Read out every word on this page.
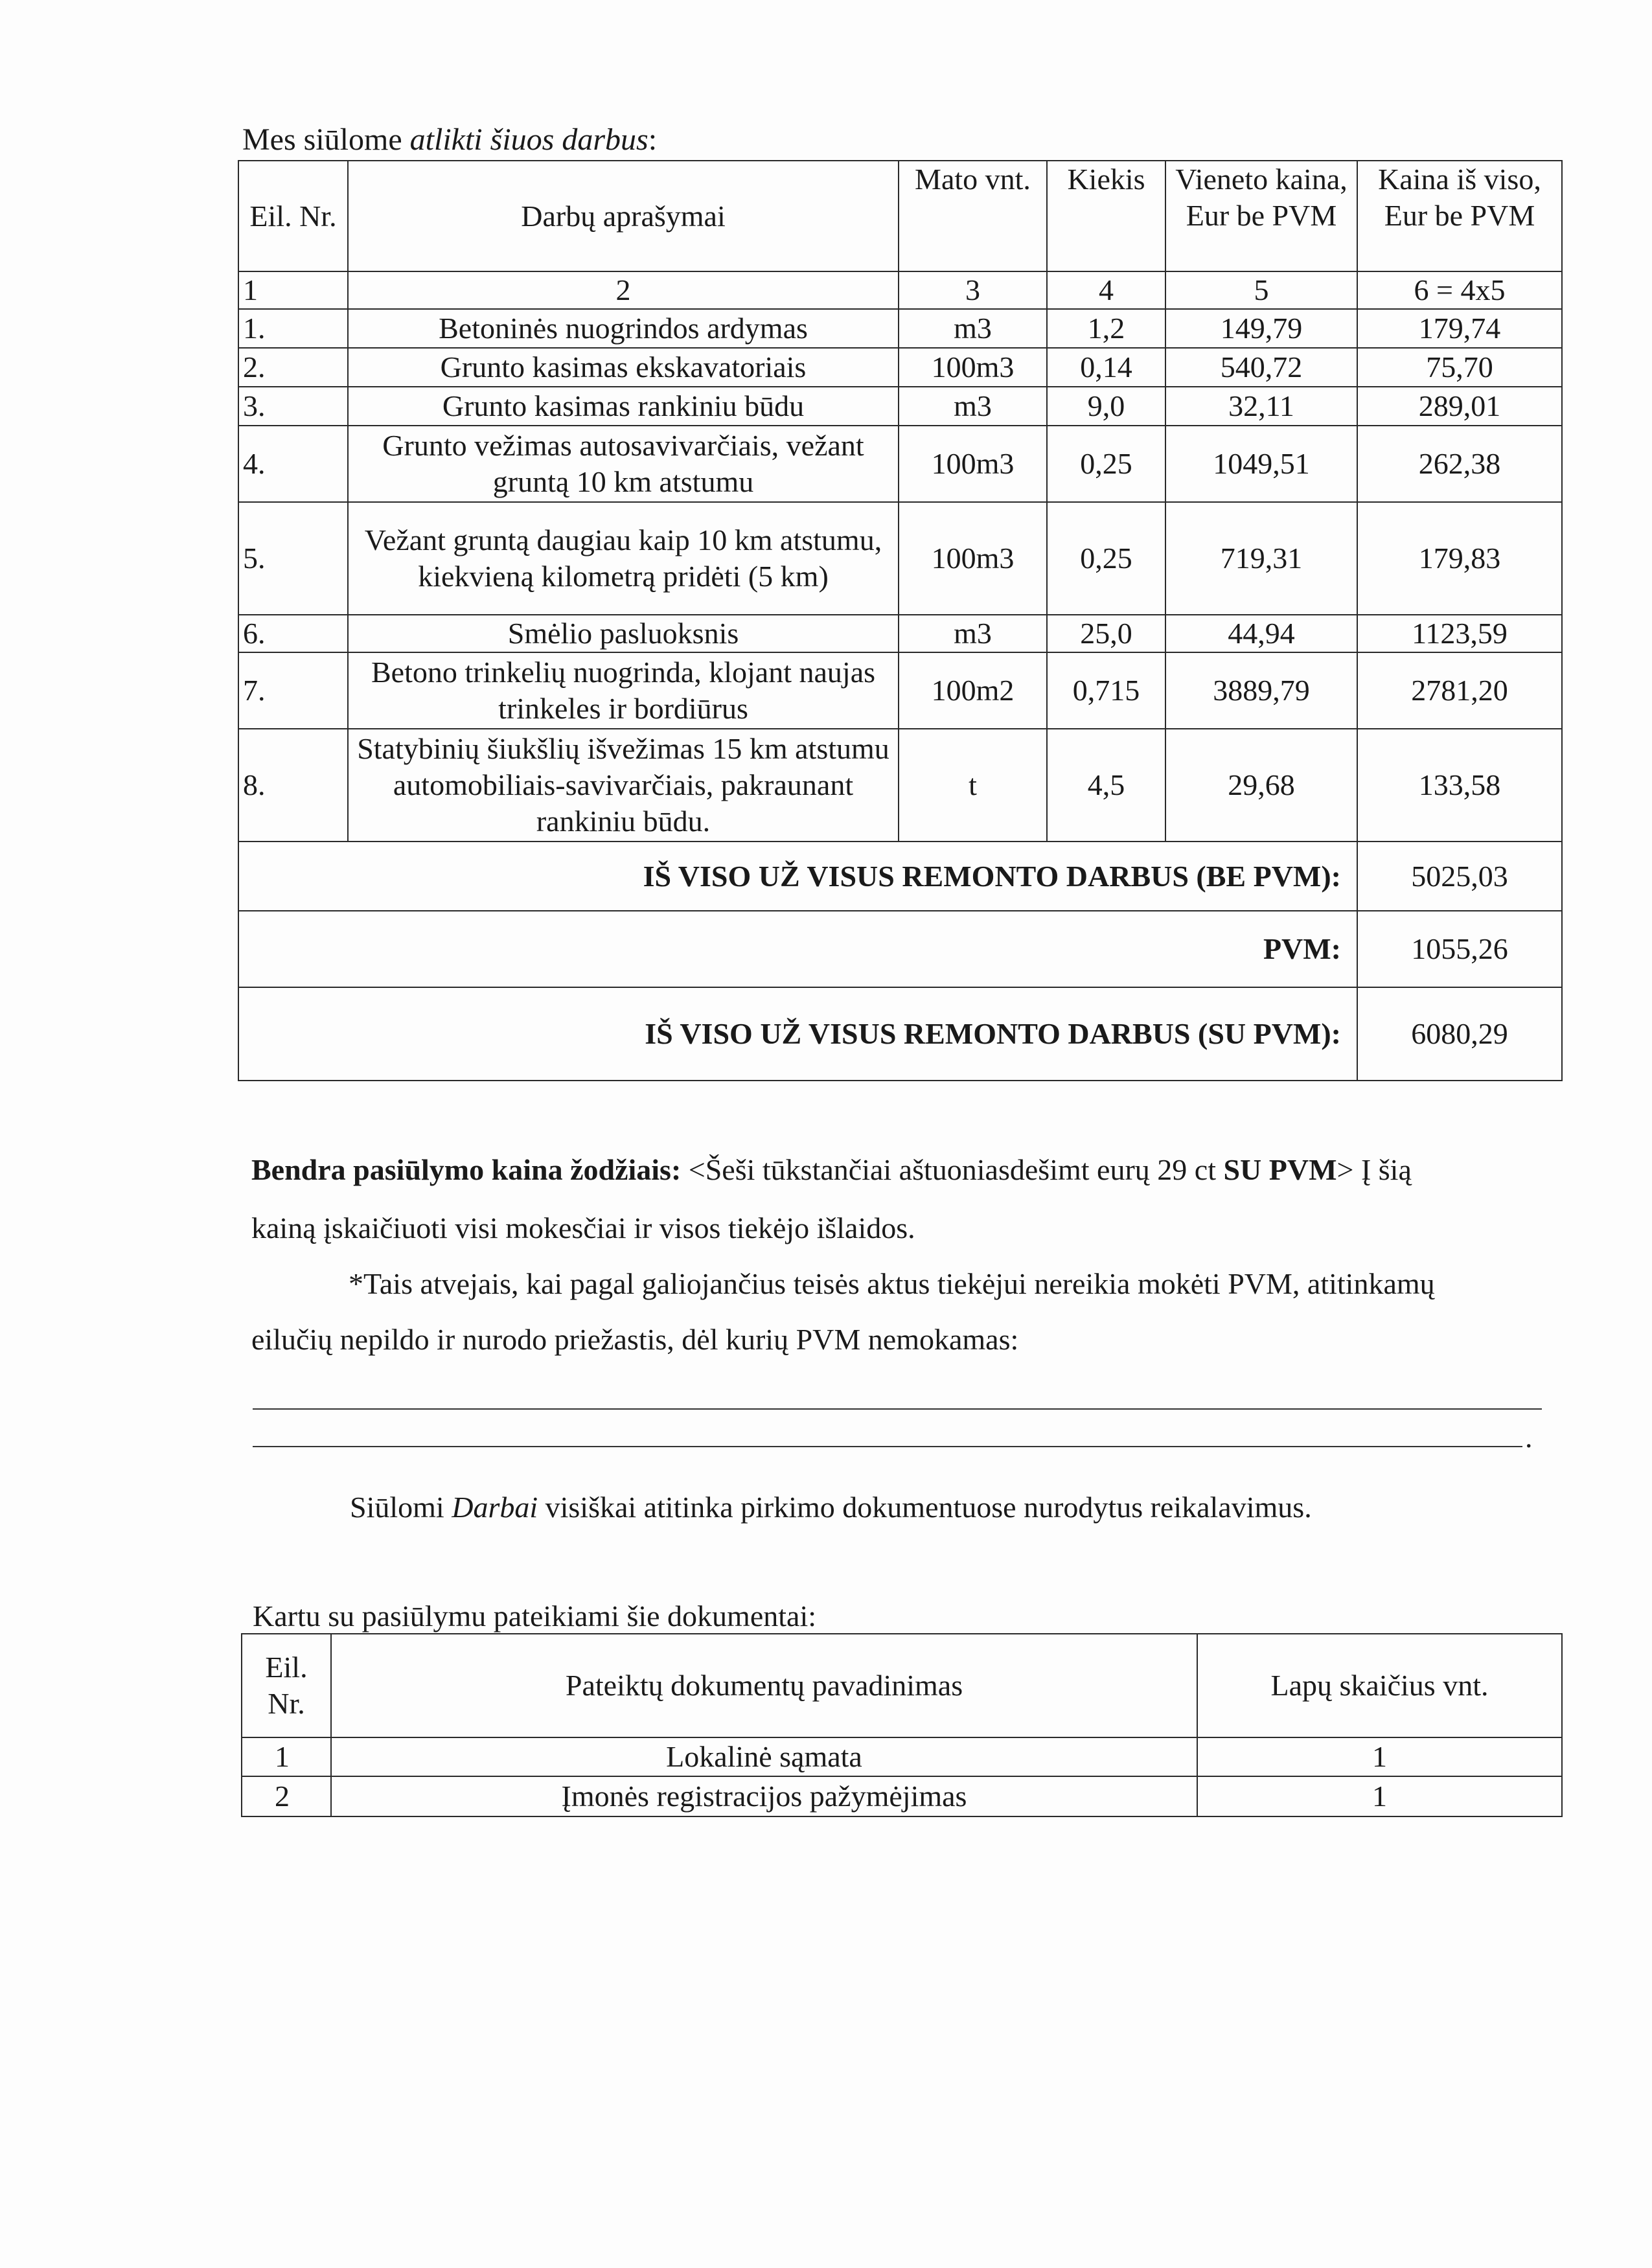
Mes siūlome atlikti šiuos darbus:
Eil. Nr.	Darbų aprašymai	Mato vnt.	Kiekis	Vieneto kaina, Eur be PVM	Kaina iš viso, Eur be PVM
1	2	3	4	5	6 = 4x5
1.	Betoninės nuogrindos ardymas	m3	1,2	149,79	179,74
2.	Grunto kasimas ekskavatoriais	100m3	0,14	540,72	75,70
3.	Grunto kasimas rankiniu būdu	m3	9,0	32,11	289,01
4.	Grunto vežimas autosavivarčiais, vežant gruntą 10 km atstumu	100m3	0,25	1049,51	262,38
5.	Vežant gruntą daugiau kaip 10 km atstumu, kiekvieną kilometrą pridėti (5 km)	100m3	0,25	719,31	179,83
6.	Smėlio pasluoksnis	m3	25,0	44,94	1123,59
7.	Betono trinkelių nuogrinda, klojant naujas trinkeles ir bordiūrus	100m2	0,715	3889,79	2781,20
8.	Statybinių šiukšlių išvežimas 15 km atstumu automobiliais-savivarčiais, pakraunant rankiniu būdu.	t	4,5	29,68	133,58
IŠ VISO UŽ VISUS REMONTO DARBUS (BE PVM):					5025,03
PVM:					1055,26
IŠ VISO UŽ VISUS REMONTO DARBUS (SU PVM):					6080,29
Bendra pasiūlymo kaina žodžiais: <Šeši tūkstančiai aštuoniasdešimt eurų 29 ct SU PVM> Į šią
kainą įskaičiuoti visi mokesčiai ir visos tiekėjo išlaidos.
*Tais atvejais, kai pagal galiojančius teisės aktus tiekėjui nereikia mokėti PVM, atitinkamų
eilučių nepildo ir nurodo priežastis, dėl kurių PVM nemokamas:
.
Siūlomi Darbai visiškai atitinka pirkimo dokumentuose nurodytus reikalavimus.
Kartu su pasiūlymu pateikiami šie dokumentai:
Eil. Nr.	Pateiktų dokumentų pavadinimas	Lapų skaičius vnt.
1	Lokalinė sąmata	1
2	Įmonės registracijos pažymėjimas	1
